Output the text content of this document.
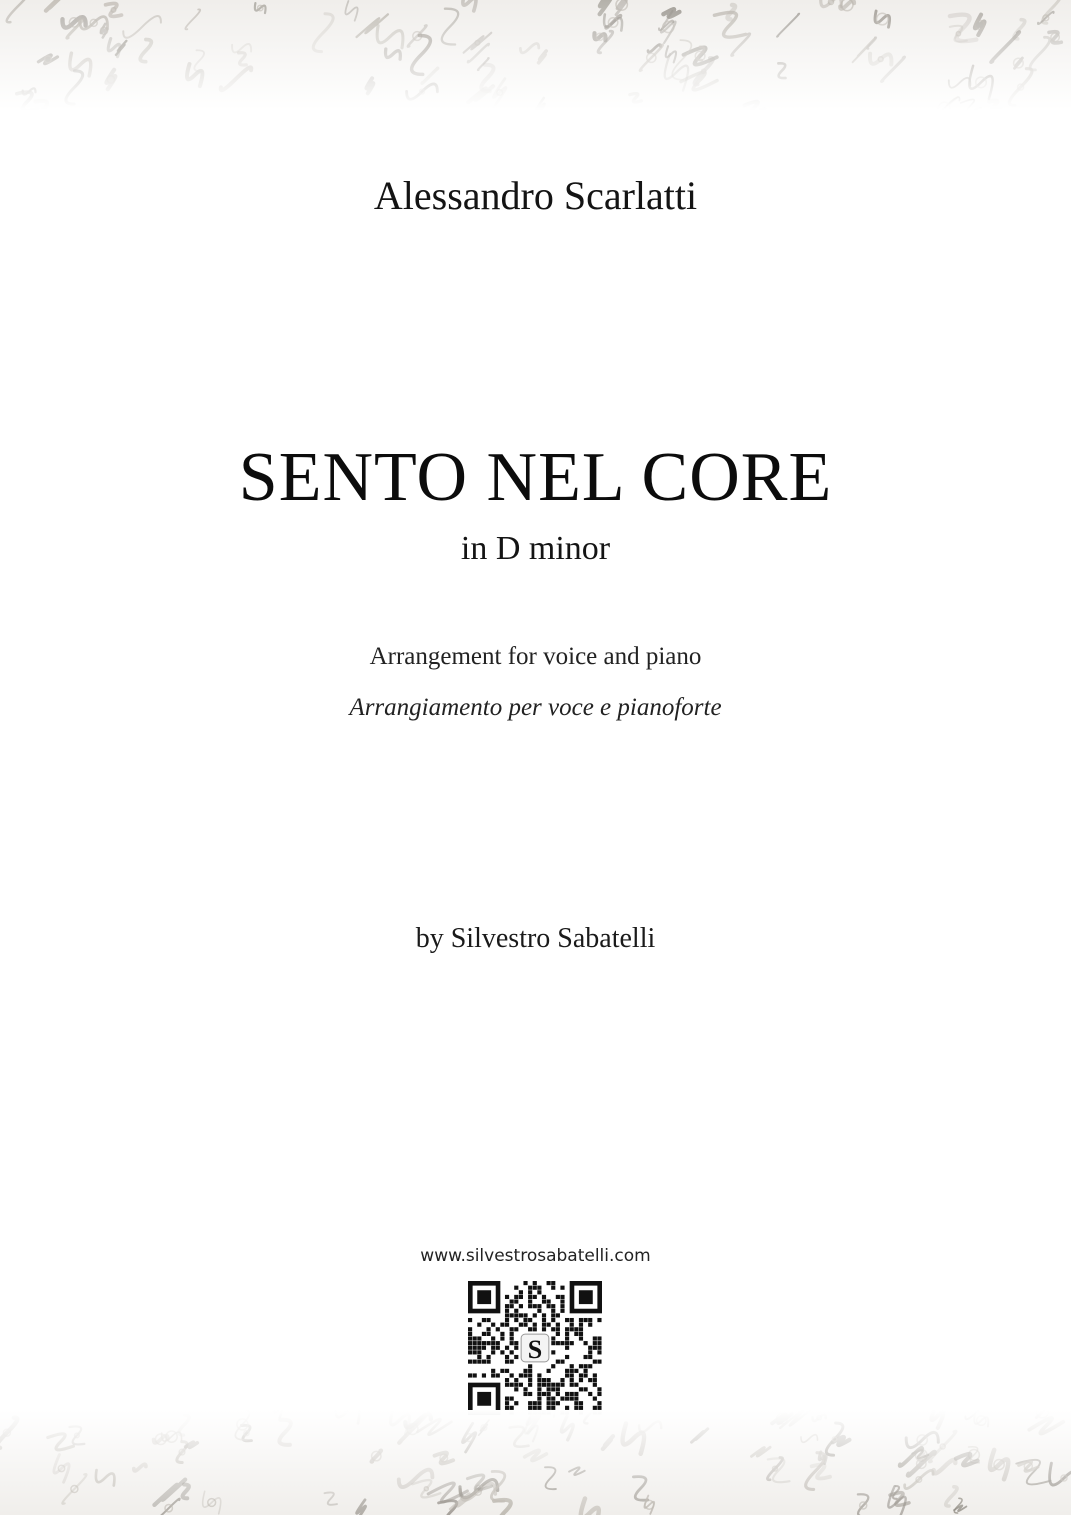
Alessandro Scarlatti
SENTO NEL CORE
in D minor
Arrangement for voice and piano
Arrangiamento per voce e pianoforte
by Silvestro Sabatelli
www.silvestrosabatelli.com
S
